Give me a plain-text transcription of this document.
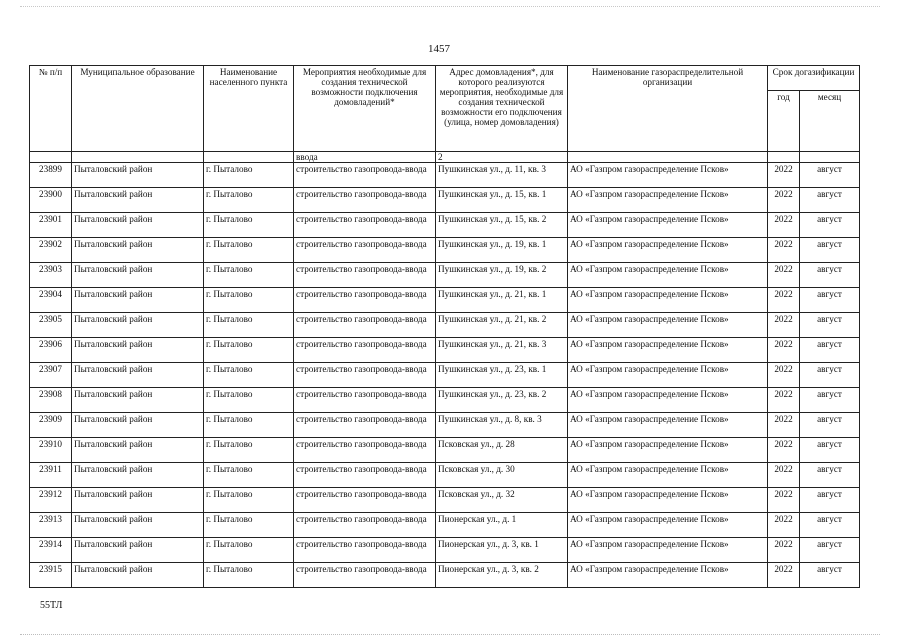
1457
№ п/п	Муниципальное образование	Наименование населенного пункта	Мероприятия необходимые для создания технической возможности подключения домовладений*	Адрес домовладения*, для которого реализуются мероприятия, необходимые для создания технической возможности его подключения (улица, номер домовладения)	Наименование газораспределительной организации	Срок догазификации	
						год	месяц
			ввода	2			
23899	Пыталовский район	г. Пыталово	строительство газопровода-ввода	Пушкинская ул., д. 11, кв. 3	АО «Газпром газораспределение Псков»	2022	август
23900	Пыталовский район	г. Пыталово	строительство газопровода-ввода	Пушкинская ул., д. 15, кв. 1	АО «Газпром газораспределение Псков»	2022	август
23901	Пыталовский район	г. Пыталово	строительство газопровода-ввода	Пушкинская ул., д. 15, кв. 2	АО «Газпром газораспределение Псков»	2022	август
23902	Пыталовский район	г. Пыталово	строительство газопровода-ввода	Пушкинская ул., д. 19, кв. 1	АО «Газпром газораспределение Псков»	2022	август
23903	Пыталовский район	г. Пыталово	строительство газопровода-ввода	Пушкинская ул., д. 19, кв. 2	АО «Газпром газораспределение Псков»	2022	август
23904	Пыталовский район	г. Пыталово	строительство газопровода-ввода	Пушкинская ул., д. 21, кв. 1	АО «Газпром газораспределение Псков»	2022	август
23905	Пыталовский район	г. Пыталово	строительство газопровода-ввода	Пушкинская ул., д. 21, кв. 2	АО «Газпром газораспределение Псков»	2022	август
23906	Пыталовский район	г. Пыталово	строительство газопровода-ввода	Пушкинская ул., д. 21, кв. 3	АО «Газпром газораспределение Псков»	2022	август
23907	Пыталовский район	г. Пыталово	строительство газопровода-ввода	Пушкинская ул., д. 23, кв. 1	АО «Газпром газораспределение Псков»	2022	август
23908	Пыталовский район	г. Пыталово	строительство газопровода-ввода	Пушкинская ул., д. 23, кв. 2	АО «Газпром газораспределение Псков»	2022	август
23909	Пыталовский район	г. Пыталово	строительство газопровода-ввода	Пушкинская ул., д. 8, кв. 3	АО «Газпром газораспределение Псков»	2022	август
23910	Пыталовский район	г. Пыталово	строительство газопровода-ввода	Псковская ул., д. 28	АО «Газпром газораспределение Псков»	2022	август
23911	Пыталовский район	г. Пыталово	строительство газопровода-ввода	Псковская ул., д. 30	АО «Газпром газораспределение Псков»	2022	август
23912	Пыталовский район	г. Пыталово	строительство газопровода-ввода	Псковская ул., д. 32	АО «Газпром газораспределение Псков»	2022	август
23913	Пыталовский район	г. Пыталово	строительство газопровода-ввода	Пионерская ул., д. 1	АО «Газпром газораспределение Псков»	2022	август
23914	Пыталовский район	г. Пыталово	строительство газопровода-ввода	Пионерская ул., д. 3, кв. 1	АО «Газпром газораспределение Псков»	2022	август
23915	Пыталовский район	г. Пыталово	строительство газопровода-ввода	Пионерская ул., д. 3, кв. 2	АО «Газпром газораспределение Псков»	2022	август
55ТЛ
